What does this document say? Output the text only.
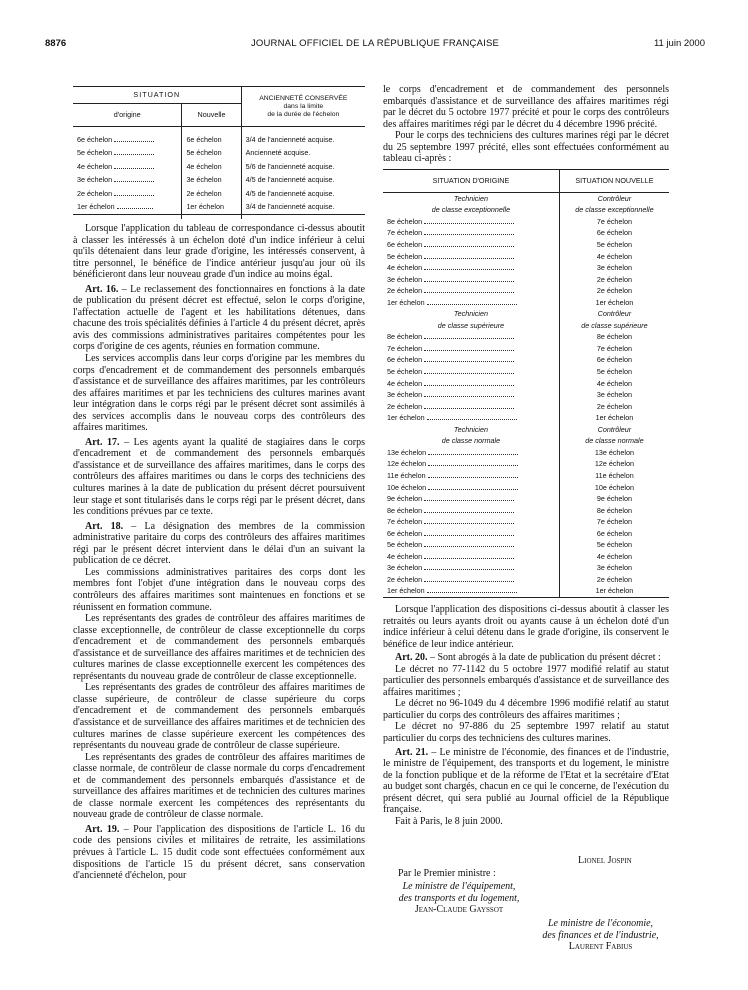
8876	JOURNAL OFFICIEL DE LA RÉPUBLIQUE FRANÇAISE	11 juin 2000
SITUATION		ANCIENNETÉ CONSERVÉE
dans la limite
de la durée de l'échelon

d'origine	Nouvelle	

6e échelon	6e échelon	3/4 de l'ancienneté acquise.
5e échelon	5e échelon	Ancienneté acquise.
4e échelon	4e échelon	5/6 de l'ancienneté acquise.
3e échelon	3e échelon	4/5 de l'ancienneté acquise.
2e échelon	2e échelon	4/5 de l'ancienneté acquise.
1er échelon	1er échelon	3/4 de l'ancienneté acquise.

Lorsque l'application du tableau de correspondance ci-dessus aboutit à classer les intéressés à un échelon doté d'un indice inférieur à celui qu'ils détenaient dans leur grade d'origine, les intéressés conservent, à titre personnel, le bénéfice de l'indice antérieur jusqu'au jour où ils bénéficieront dans leur nouveau grade d'un indice au moins égal.

Art. 16. – Le reclassement des fonctionnaires en fonctions à la date de publication du présent décret est effectué, selon le corps d'origine, l'affectation actuelle de l'agent et les habilitations détenues, dans chacune des trois spécialités définies à l'article 4 du présent décret, après avis des commissions administratives paritaires compétentes pour les corps d'origine de ces agents, réunies en formation commune.

Les services accomplis dans leur corps d'origine par les membres du corps d'encadrement et de commandement des personnels embarqués d'assistance et de surveillance des affaires maritimes, par les contrôleurs des affaires maritimes et par les techniciens des cultures marines avant leur intégration dans le corps régi par le présent décret sont assimilés à des services accomplis dans le nouveau corps des contrôleurs des affaires maritimes.

Art. 17. – Les agents ayant la qualité de stagiaires dans le corps d'encadrement et de commandement des personnels embarqués d'assistance et de surveillance des affaires maritimes, dans le corps des contrôleurs des affaires maritimes ou dans le corps des techniciens des cultures marines à la date de publication du présent décret poursuivent leur stage et sont titularisés dans le corps régi par le présent décret, dans les conditions prévues par ce texte.

Art. 18. – La désignation des membres de la commission administrative paritaire du corps des contrôleurs des affaires maritimes régi par le présent décret intervient dans le délai d'un an suivant la publication de ce décret.

Les commissions administratives paritaires des corps dont les membres font l'objet d'une intégration dans le nouveau corps des contrôleurs des affaires maritimes sont maintenues en fonctions et se réunissent en formation commune.

Les représentants des grades de contrôleur des affaires maritimes de classe exceptionnelle, de contrôleur de classe exceptionnelle du corps d'encadrement et de commandement des personnels embarqués d'assistance et de surveillance des affaires maritimes et de technicien des cultures marines de classe exceptionnelle exercent les compétences des représentants du nouveau grade de contrôleur de classe exceptionnelle.

Les représentants des grades de contrôleur des affaires maritimes de classe supérieure, de contrôleur de classe supérieure du corps d'encadrement et de commandement des personnels embarqués d'assistance et de surveillance des affaires maritimes et de technicien des cultures marines de classe supérieure exercent les compétences des représentants du nouveau grade de contrôleur de classe supérieure.

Les représentants des grades de contrôleur des affaires maritimes de classe normale, de contrôleur de classe normale du corps d'encadrement et de commandement des personnels embarqués d'assistance et de surveillance des affaires maritimes et de technicien des cultures marines de classe normale exercent les compétences des représentants du nouveau grade de contrôleur de classe normale.

Art. 19. – Pour l'application des dispositions de l'article L. 16 du code des pensions civiles et militaires de retraite, les assimilations prévues à l'article L. 15 dudit code sont effectuées conformément aux dispositions de l'article 15 du présent décret, sans conservation d'ancienneté d'échelon, pour

le corps d'encadrement et de commandement des personnels embarqués d'assistance et de surveillance des affaires maritimes régi par le décret du 5 octobre 1977 précité et pour le corps des contrôleurs des affaires maritimes régi par le décret du 4 décembre 1996 précité.

Pour le corps des techniciens des cultures marines régi par le décret du 25 septembre 1997 précité, elles sont effectuées conformément au tableau ci-après :

SITUATION D'ORIGINE	SITUATION NOUVELLE
Technicien	Contrôleur
de classe exceptionnelle	de classe exceptionnelle
8e échelon	7e échelon
7e échelon	6e échelon
6e échelon	5e échelon
5e échelon	4e échelon
4e échelon	3e échelon
3e échelon	2e échelon
2e échelon	2e échelon
1er échelon	1er échelon
Technicien	Contrôleur
de classe supérieure	de classe supérieure
8e échelon	8e échelon
7e échelon	7e échelon
6e échelon	6e échelon
5e échelon	5e échelon
4e échelon	4e échelon
3e échelon	3e échelon
2e échelon	2e échelon
1er échelon	1er échelon
Technicien	Contrôleur
de classe normale	de classe normale
13e échelon	13e échelon
12e échelon	12e échelon
11e échelon	11e échelon
10e échelon	10e échelon
9e échelon	9e échelon
8e échelon	8e échelon
7e échelon	7e échelon
6e échelon	6e échelon
5e échelon	5e échelon
4e échelon	4e échelon
3e échelon	3e échelon
2e échelon	2e échelon
1er échelon	1er échelon

Lorsque l'application des dispositions ci-dessus aboutit à classer les retraités ou leurs ayants droit ou ayants cause à un échelon doté d'un indice inférieur à celui détenu dans le grade d'origine, ils conservent le bénéfice de leur indice antérieur.

Art. 20. – Sont abrogés à la date de publication du présent décret :

Le décret no 77-1142 du 5 octobre 1977 modifié relatif au statut particulier des personnels embarqués d'assistance et de surveillance des affaires maritimes ;

Le décret no 96-1049 du 4 décembre 1996 modifié relatif au statut particulier du corps des contrôleurs des affaires maritimes ;

Le décret no 97-886 du 25 septembre 1997 relatif au statut particulier du corps des techniciens des cultures marines.

Art. 21. – Le ministre de l'économie, des finances et de l'industrie, le ministre de l'équipement, des transports et du logement, le ministre de la fonction publique et de la réforme de l'Etat et la secrétaire d'Etat au budget sont chargés, chacun en ce qui le concerne, de l'exécution du présent décret, qui sera publié au Journal officiel de la République française.

Fait à Paris, le 8 juin 2000.

Lionel Jospin
Par le Premier ministre :
Le ministre de l'équipement,
des transports et du logement,
Jean-Claude Gayssot
Le ministre de l'économie,
des finances et de l'industrie,
Laurent Fabius
